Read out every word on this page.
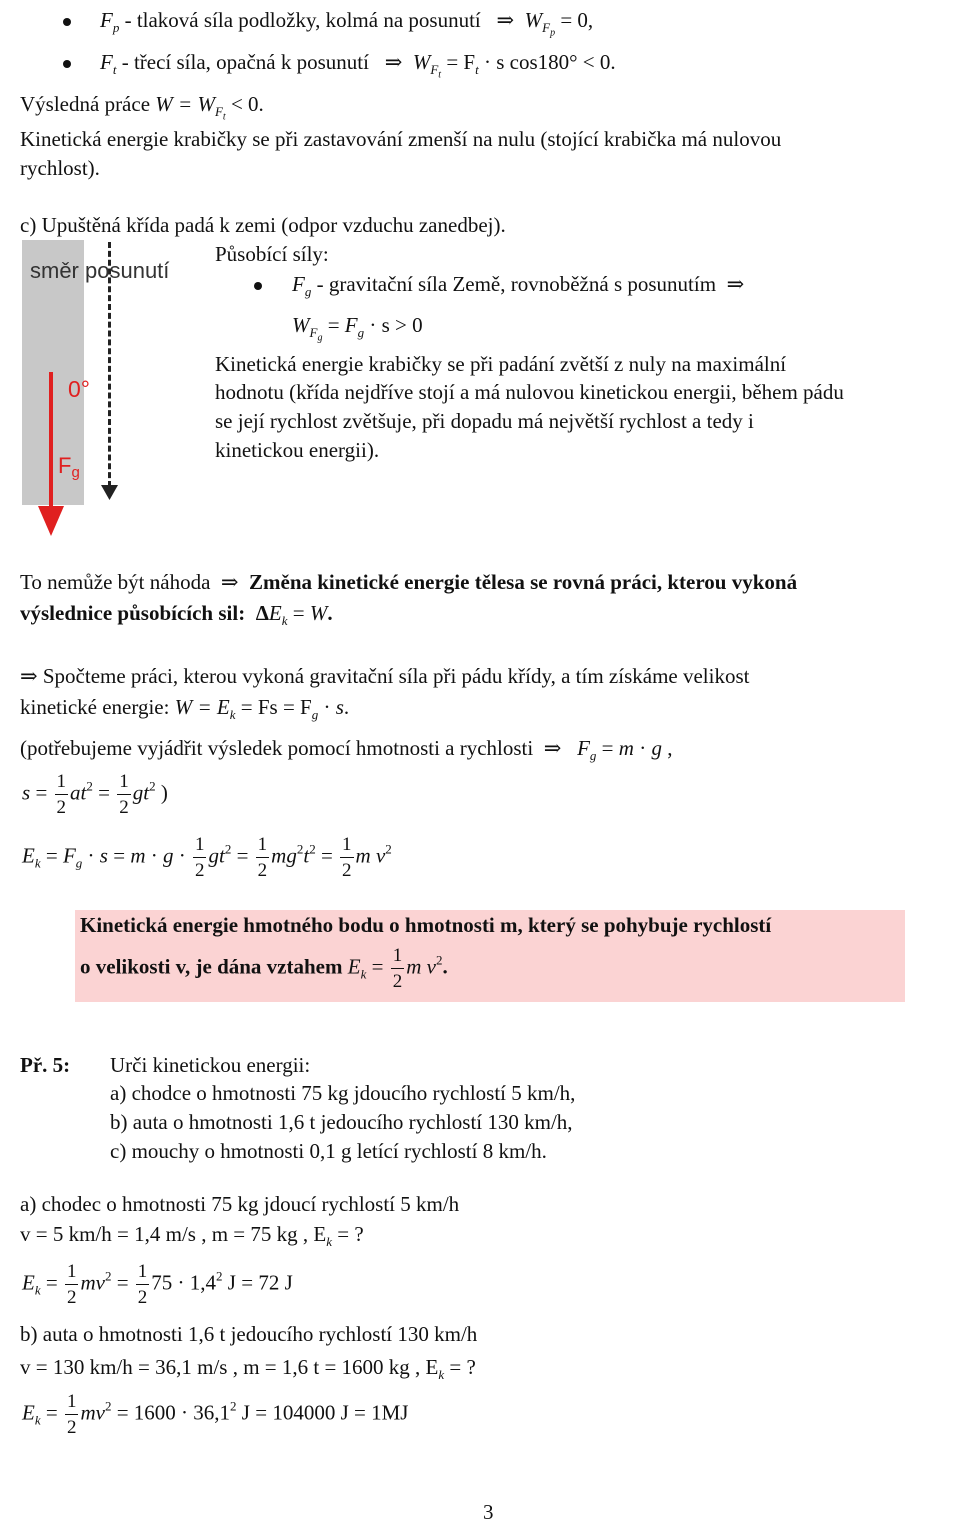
$F_p$ - tlaková síla podložky, kolmá na posunutí   ⇒  $W_{F_p} = 0$,
$F_t$ - třecí síla, opačná k posunutí   ⇒  $W_{F_t} = F_t \cdot s$ cos180° < 0.
Výsledná práce $W = W_{F_t} < 0$.
Kinetická energie krabičky se při zastavování zmenší na nulu (stojící krabička má nulovou
rychlost).
c) Upuštěná křída padá k zemi (odpor vzduchu zanedbej).
směr posunutí
0°
Fg
Působící síly:
$F_g$ - gravitační síla Země, rovnoběžná s posunutím  ⇒
$W_{F_g} = F_g \cdot s > 0$
Kinetická energie krabičky se při padání zvětší z nuly na maximální
hodnotu (křída nejdříve stojí a má nulovou kinetickou energii, během pádu
se její rychlost zvětšuje, při dopadu má největší rychlost a tedy i
kinetickou energii).
To nemůže být náhoda  ⇒  Změna kinetické energie tělesa se rovná práci, kterou vykoná
výslednice působících sil: $\Delta E_k = W$.
⇒ Spočteme práci, kterou vykoná gravitační síla při pádu křídy, a tím získáme velikost
kinetické energie: $W = E_k = Fs = F_g \cdot s$.
(potřebujeme vyjádřit výsledek pomocí hmotnosti a rychlosti  ⇒   $F_g = m \cdot g$ ,
$s = \frac{1}{2} at^2 = \frac{1}{2} gt^2$ )
$E_k = F_g \cdot s = m \cdot g \cdot \frac{1}{2} gt^2 = \frac{1}{2} mg^2t^2 = \frac{1}{2}$ m $v^2$
Kinetická energie hmotného bodu o hmotnosti m, který se pohybuje rychlostí
o velikosti v, je dána vztahem $E_k = \frac{1}{2}$ m $v^2$.
Př. 5: Urči kinetickou energii:
a) chodce o hmotnosti 75 kg jdoucího rychlostí 5 km/h,
b) auta o hmotnosti 1,6 t jedoucího rychlostí 130 km/h,
c) mouchy o hmotnosti 0,1 g letící rychlostí 8 km/h.
a) chodec o hmotnosti 75 kg jdoucí rychlostí 5 km/h
v = 5 km/h = 1,4 m/s , m = 75 kg , $E_k$ = ?
$E_k = \frac{1}{2} mv^2 = \frac{1}{2} 75 \cdot 1,4^2$ J = 72 J
b) auta o hmotnosti 1,6 t jedoucího rychlostí 130 km/h
v = 130 km/h = 36,1 m/s , m = 1,6 t = 1600 kg , $E_k$ = ?
$E_k = \frac{1}{2} mv^2 = 1600 \cdot 36,1^2$ J = 104000 J = 1MJ
3
